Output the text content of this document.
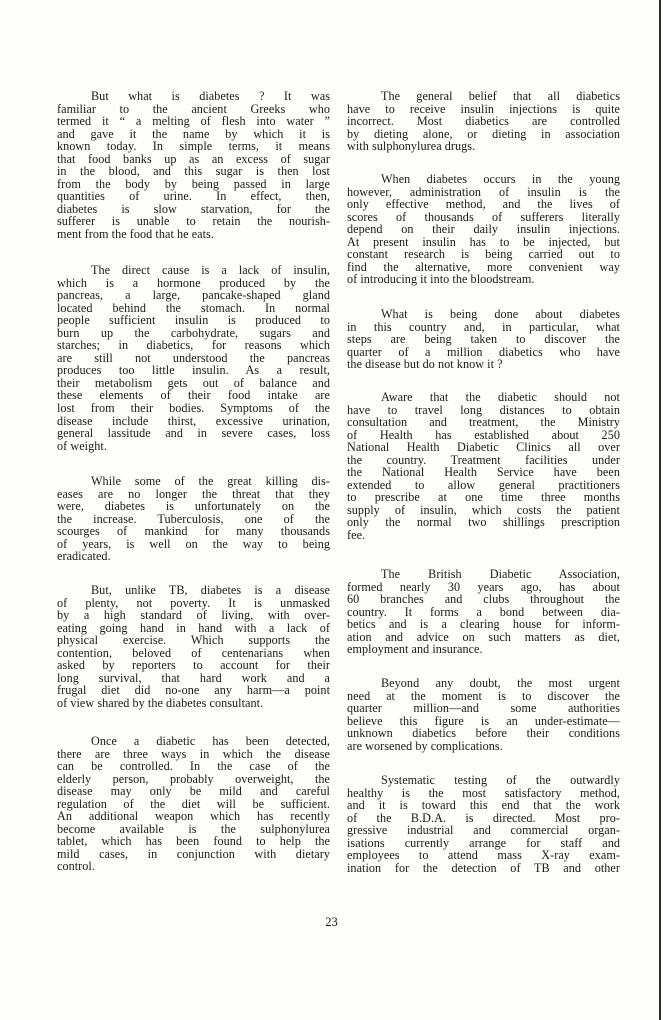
But what is diabetes ? It was
familiar to the ancient Greeks who
termed it “ a melting of flesh into water ”
and gave it the name by which it is
known today. In simple terms, it means
that food banks up as an excess of sugar
in the blood, and this sugar is then lost
from the body by being passed in large
quantities of urine. In effect, then,
diabetes is slow starvation, for the
sufferer is unable to retain the nourish-
ment from the food that he eats.
The direct cause is a lack of insulin,
which is a hormone produced by the
pancreas, a large, pancake-shaped gland
located behind the stomach. In normal
people sufficient insulin is produced to
burn up the carbohydrate, sugars and
starches; in diabetics, for reasons which
are still not understood the pancreas
produces too little insulin. As a result,
their metabolism gets out of balance and
these elements of their food intake are
lost from their bodies. Symptoms of the
disease include thirst, excessive urination,
general lassitude and in severe cases, loss
of weight.
While some of the great killing dis-
eases are no longer the threat that they
were, diabetes is unfortunately on the
the increase. Tuberculosis, one of the
scourges of mankind for many thousands
of years, is well on the way to being
eradicated.
But, unlike TB, diabetes is a disease
of plenty, not poverty. It is unmasked
by a high standard of living, with over-
eating going hand in hand with a lack of
physical exercise. Which supports the
contention, beloved of centenarians when
asked by reporters to account for their
long survival, that hard work and a
frugal diet did no-one any harm—a point
of view shared by the diabetes consultant.
Once a diabetic has been detected,
there are three ways in which the disease
can be controlled. In the case of the
elderly person, probably overweight, the
disease may only be mild and careful
regulation of the diet will be sufficient.
An additional weapon which has recently
become available is the sulphonylurea
tablet, which has been found to help the
mild cases, in conjunction with dietary
control.
The general belief that all diabetics
have to receive insulin injections is quite
incorrect. Most diabetics are controlled
by dieting alone, or dieting in association
with sulphonylurea drugs.
When diabetes occurs in the young
however, administration of insulin is the
only effective method, and the lives of
scores of thousands of sufferers literally
depend on their daily insulin injections.
At present insulin has to be injected, but
constant research is being carried out to
find the alternative, more convenient way
of introducing it into the bloodstream.
What is being done about diabetes
in this country and, in particular, what
steps are being taken to discover the
quarter of a million diabetics who have
the disease but do not know it ?
Aware that the diabetic should not
have to travel long distances to obtain
consultation and treatment, the Ministry
of Health has established about 250
National Health Diabetic Clinics all over
the country. Treatment facilities under
the National Health Service have been
extended to allow general practitioners
to prescribe at one time three months
supply of insulin, which costs the patient
only the normal two shillings prescription
fee.
The British Diabetic Association,
formed nearly 30 years ago, has about
60 branches and clubs throughout the
country. It forms a bond between dia-
betics and is a clearing house for inform-
ation and advice on such matters as diet,
employment and insurance.
Beyond any doubt, the most urgent
need at the moment is to discover the
quarter million—and some authorities
believe this figure is an under-estimate—
unknown diabetics before their conditions
are worsened by complications.
Systematic testing of the outwardly
healthy is the most satisfactory method,
and it is toward this end that the work
of the B.D.A. is directed. Most pro-
gressive industrial and commercial organ-
isations currently arrange for staff and
employees to attend mass X-ray exam-
ination for the detection of TB and other
23
